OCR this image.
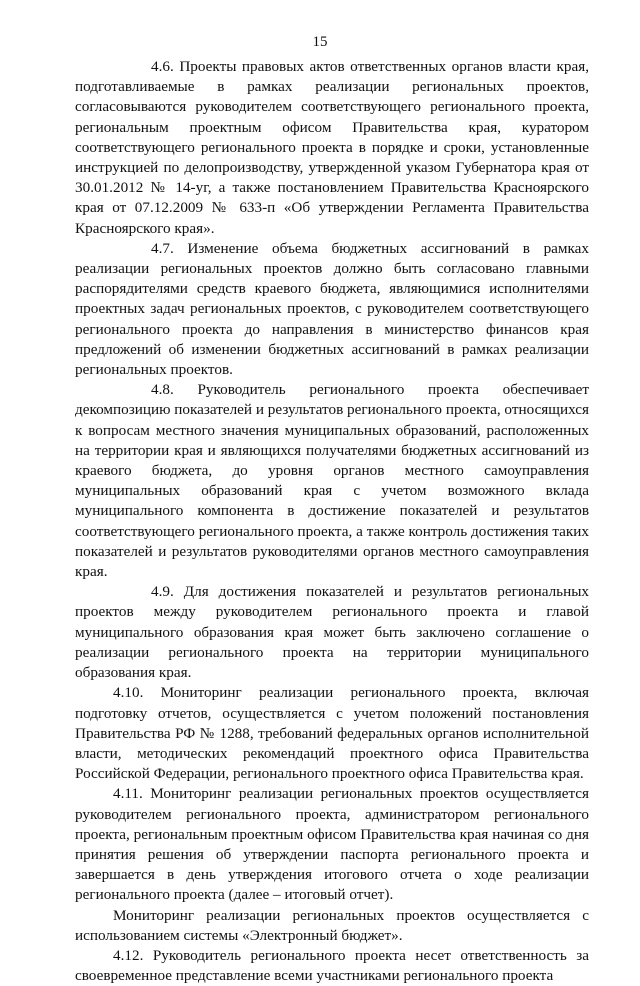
15

4.6. Проекты правовых актов ответственных органов власти края, подготавливаемые в рамках реализации региональных проектов, согласовываются руководителем соответствующего регионального проекта, региональным проектным офисом Правительства края, куратором соответствующего регионального проекта в порядке и сроки, установленные инструкцией по делопроизводству, утвержденной указом Губернатора края от 30.01.2012 № 14-уг, а также постановлением Правительства Красноярского края от 07.12.2009 № 633-п «Об утверждении Регламента Правительства Красноярского края».

4.7. Изменение объема бюджетных ассигнований в рамках реализации региональных проектов должно быть согласовано главными распорядителями средств краевого бюджета, являющимися исполнителями проектных задач региональных проектов, с руководителем соответствующего регионального проекта до направления в министерство финансов края предложений об изменении бюджетных ассигнований в рамках реализации региональных проектов.

4.8. Руководитель регионального проекта обеспечивает декомпозицию показателей и результатов регионального проекта, относящихся к вопросам местного значения муниципальных образований, расположенных на территории края и являющихся получателями бюджетных ассигнований из краевого бюджета, до уровня органов местного самоуправления муниципальных образований края с учетом возможного вклада муниципального компонента в достижение показателей и результатов соответствующего регионального проекта, а также контроль достижения таких показателей и результатов руководителями органов местного самоуправления края.

4.9. Для достижения показателей и результатов региональных проектов между руководителем регионального проекта и главой муниципального образования края может быть заключено соглашение о реализации регионального проекта на территории муниципального образования края.

4.10. Мониторинг реализации регионального проекта, включая подготовку отчетов, осуществляется с учетом положений постановления Правительства РФ № 1288, требований федеральных органов исполнительной власти, методических рекомендаций проектного офиса Правительства Российской Федерации, регионального проектного офиса Правительства края.

4.11. Мониторинг реализации региональных проектов осуществляется руководителем регионального проекта, администратором регионального проекта, региональным проектным офисом Правительства края начиная со дня принятия решения об утверждении паспорта регионального проекта и завершается в день утверждения итогового отчета о ходе реализации регионального проекта (далее – итоговый отчет).

Мониторинг реализации региональных проектов осуществляется с использованием системы «Электронный бюджет».

4.12. Руководитель регионального проекта несет ответственность за своевременное представление всеми участниками регионального проекта
